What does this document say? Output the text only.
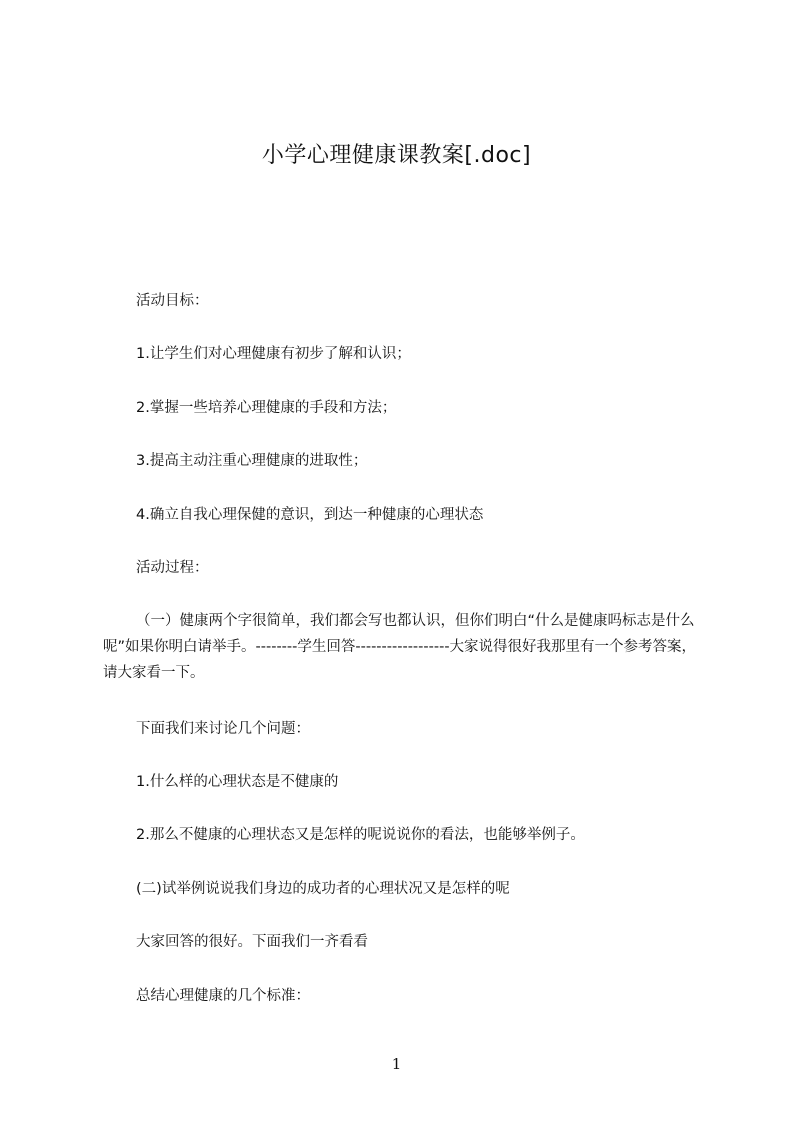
小学心理健康课教案[.doc]
活动目标：
1.让学生们对心理健康有初步了解和认识；
2.掌握一些培养心理健康的手段和方法；
3.提高主动注重心理健康的进取性；
4.确立自我心理保健的意识，到达一种健康的心理状态
活动过程：
（一）健康两个字很简单，我们都会写也都认识，但你们明白“什么是健康吗标志是什么呢”如果你明白请举手。--------学生回答------------------大家说得很好我那里有一个参考答案，请大家看一下。
下面我们来讨论几个问题：
1.什么样的心理状态是不健康的
2.那么不健康的心理状态又是怎样的呢说说你的看法，也能够举例子。
(二)试举例说说我们身边的成功者的心理状况又是怎样的呢
大家回答的很好。下面我们一齐看看
总结心理健康的几个标准：
1
